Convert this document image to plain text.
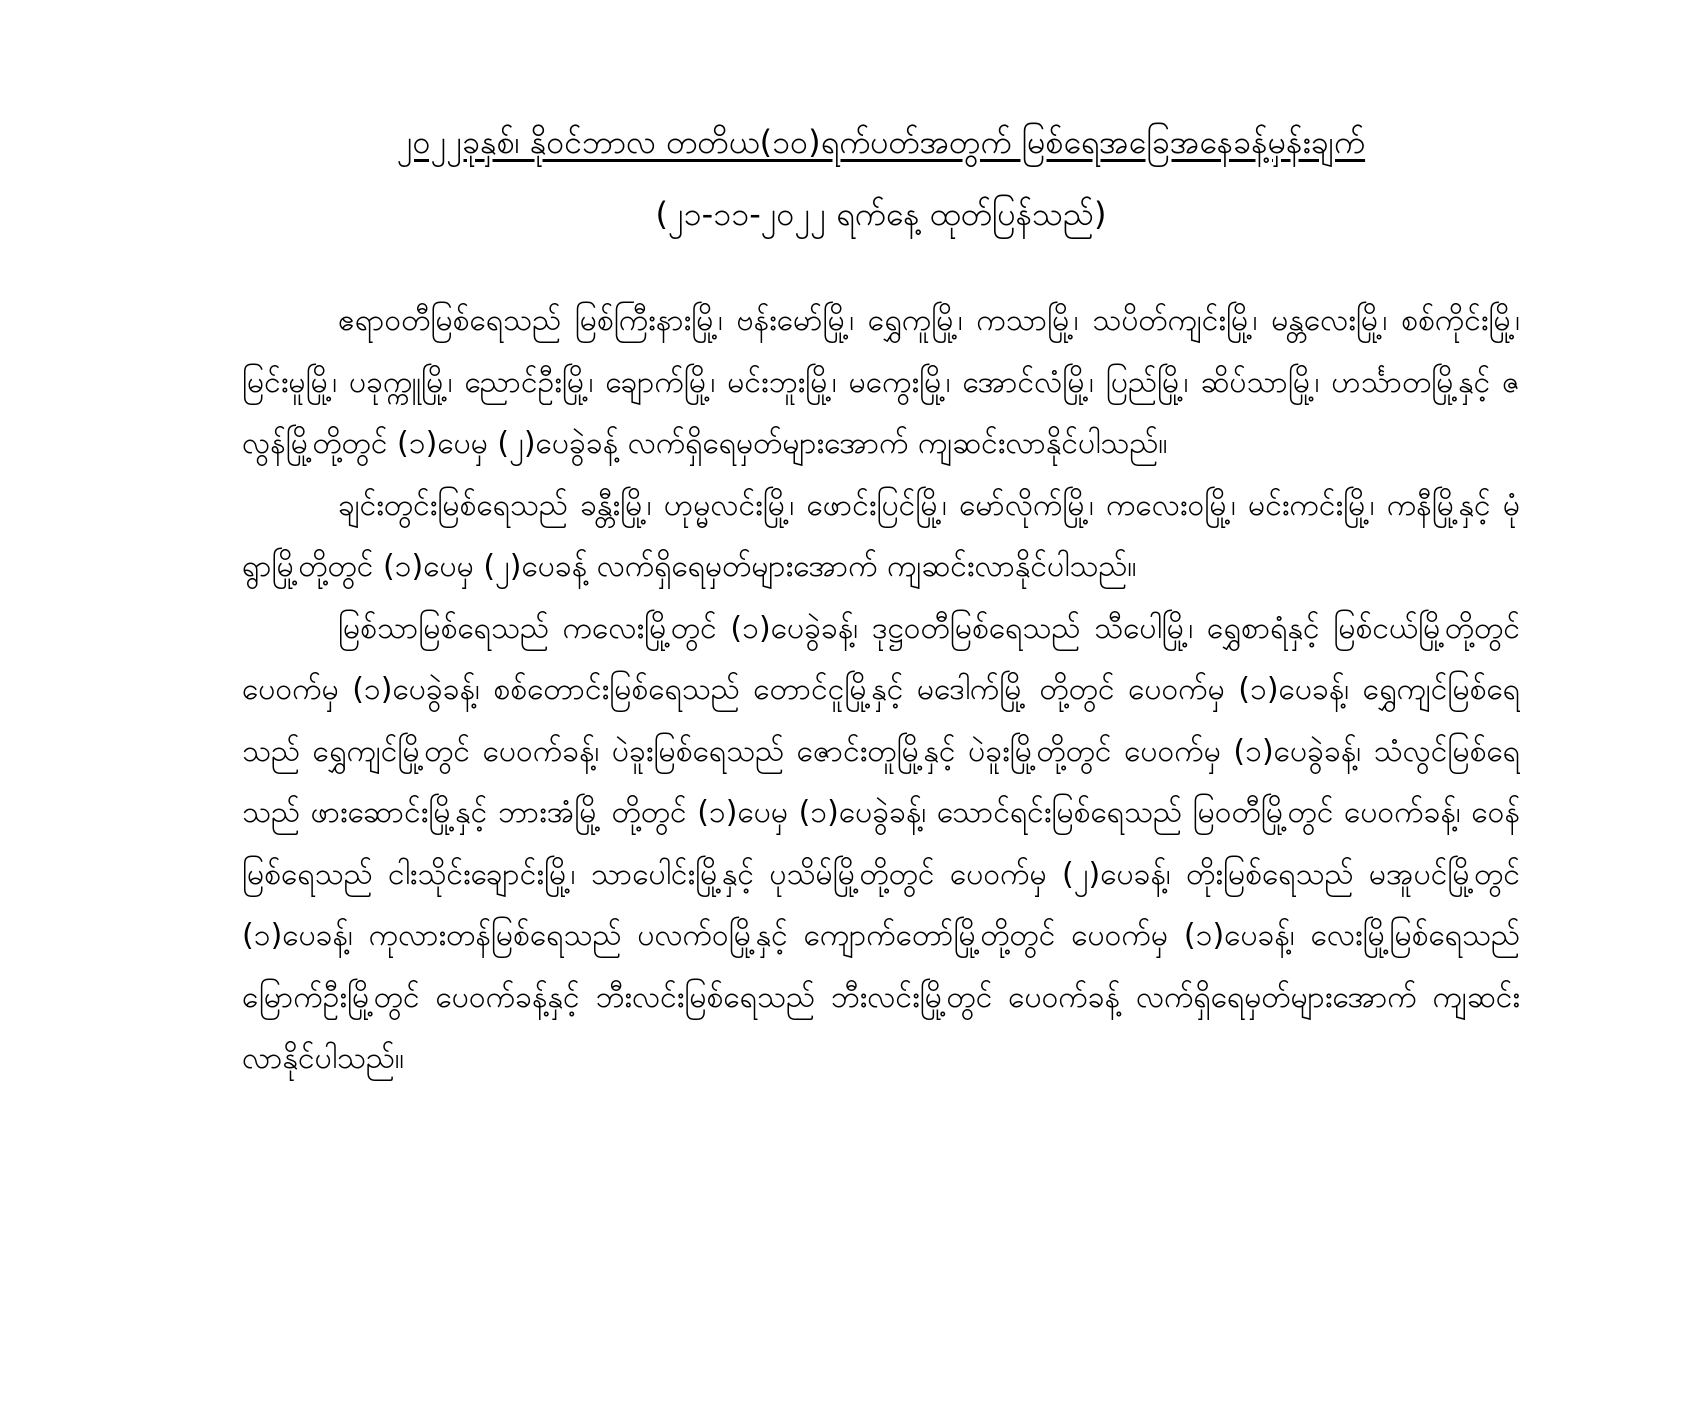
၂၀၂၂ခုနှစ်၊ နိုဝင်ဘာလ တတိယ(၁၀)ရက်ပတ်အတွက် မြစ်ရေအခြေအနေခန့်မှန်းချက်

(၂၁-၁၁-၂၀၂၂ ရက်နေ့ ထုတ်ပြန်သည်)

ဧရာဝတီမြစ်ရေသည် မြစ်ကြီးနားမြို့၊ ဗန်းမော်မြို့၊ ရွှေကူမြို့၊ ကသာမြို့၊ သပိတ်ကျင်းမြို့၊ မန္တလေးမြို့၊ စစ်ကိုင်းမြို့၊ မြင်းမူမြို့၊ ပခုက္ကူမြို့၊ ညောင်ဦးမြို့၊ ချောက်မြို့၊ မင်းဘူးမြို့၊ မကွေးမြို့၊ အောင်လံမြို့၊ ပြည်မြို့၊ ဆိပ်သာမြို့၊ ဟင်္သာတမြို့နှင့် ဇလွန်မြို့တို့တွင် (၁)ပေမှ (၂)ပေခွဲခန့် လက်ရှိရေမှတ်များအောက် ကျဆင်းလာနိုင်ပါသည်။

ချင်းတွင်းမြစ်ရေသည် ခန္တီးမြို့၊ ဟုမ္မလင်းမြို့၊ ဖောင်းပြင်မြို့၊ မော်လိုက်မြို့၊ ကလေးဝမြို့၊ မင်းကင်းမြို့၊ ကနီမြို့နှင့် မုံရွာမြို့တို့တွင် (၁)ပေမှ (၂)ပေခန့် လက်ရှိရေမှတ်များအောက် ကျဆင်းလာနိုင်ပါသည်။

မြစ်သာမြစ်ရေသည် ကလေးမြို့တွင် (၁)ပေခွဲခန့်၊ ဒုဋ္ဌဝတီမြစ်ရေသည် သီပေါမြို့၊ ရွှေစာရံနှင့် မြစ်ငယ်မြို့တို့တွင် ပေဝက်မှ (၁)ပေခွဲခန့်၊ စစ်တောင်းမြစ်ရေသည် တောင်ငူမြို့နှင့် မဒေါက်မြို့ တို့တွင် ပေဝက်မှ (၁)ပေခန့်၊ ရွှေကျင်မြစ်ရေသည် ရွှေကျင်မြို့တွင် ပေဝက်ခန့်၊ ပဲခူးမြစ်ရေသည် ဇောင်းတူမြို့နှင့် ပဲခူးမြို့တို့တွင် ပေဝက်မှ (၁)ပေခွဲခန့်၊ သံလွင်မြစ်ရေသည် ဖားဆောင်းမြို့နှင့် ဘားအံမြို့ တို့တွင် (၁)ပေမှ (၁)ပေခွဲခန့်၊ သောင်ရင်းမြစ်ရေသည် မြဝတီမြို့တွင် ပေဝက်ခန့်၊ ဝေန်မြစ်ရေသည် ငါးသိုင်းချောင်းမြို့၊ သာပေါင်းမြို့နှင့် ပုသိမ်မြို့တို့တွင် ပေဝက်မှ (၂)ပေခန့်၊ တိုးမြစ်ရေသည် မအူပင်မြို့တွင် (၁)ပေခန့်၊ ကုလားတန်မြစ်ရေသည် ပလက်ဝမြို့နှင့် ကျောက်တော်မြို့တို့တွင် ပေဝက်မှ (၁)ပေခန့်၊ လေးမြို့မြစ်ရေသည် မြောက်ဦးမြို့တွင် ပေဝက်ခန့်နှင့် ဘီးလင်းမြစ်ရေသည် ဘီးလင်းမြို့တွင် ပေဝက်ခန့် လက်ရှိရေမှတ်များအောက် ကျဆင်းလာနိုင်ပါသည်။
